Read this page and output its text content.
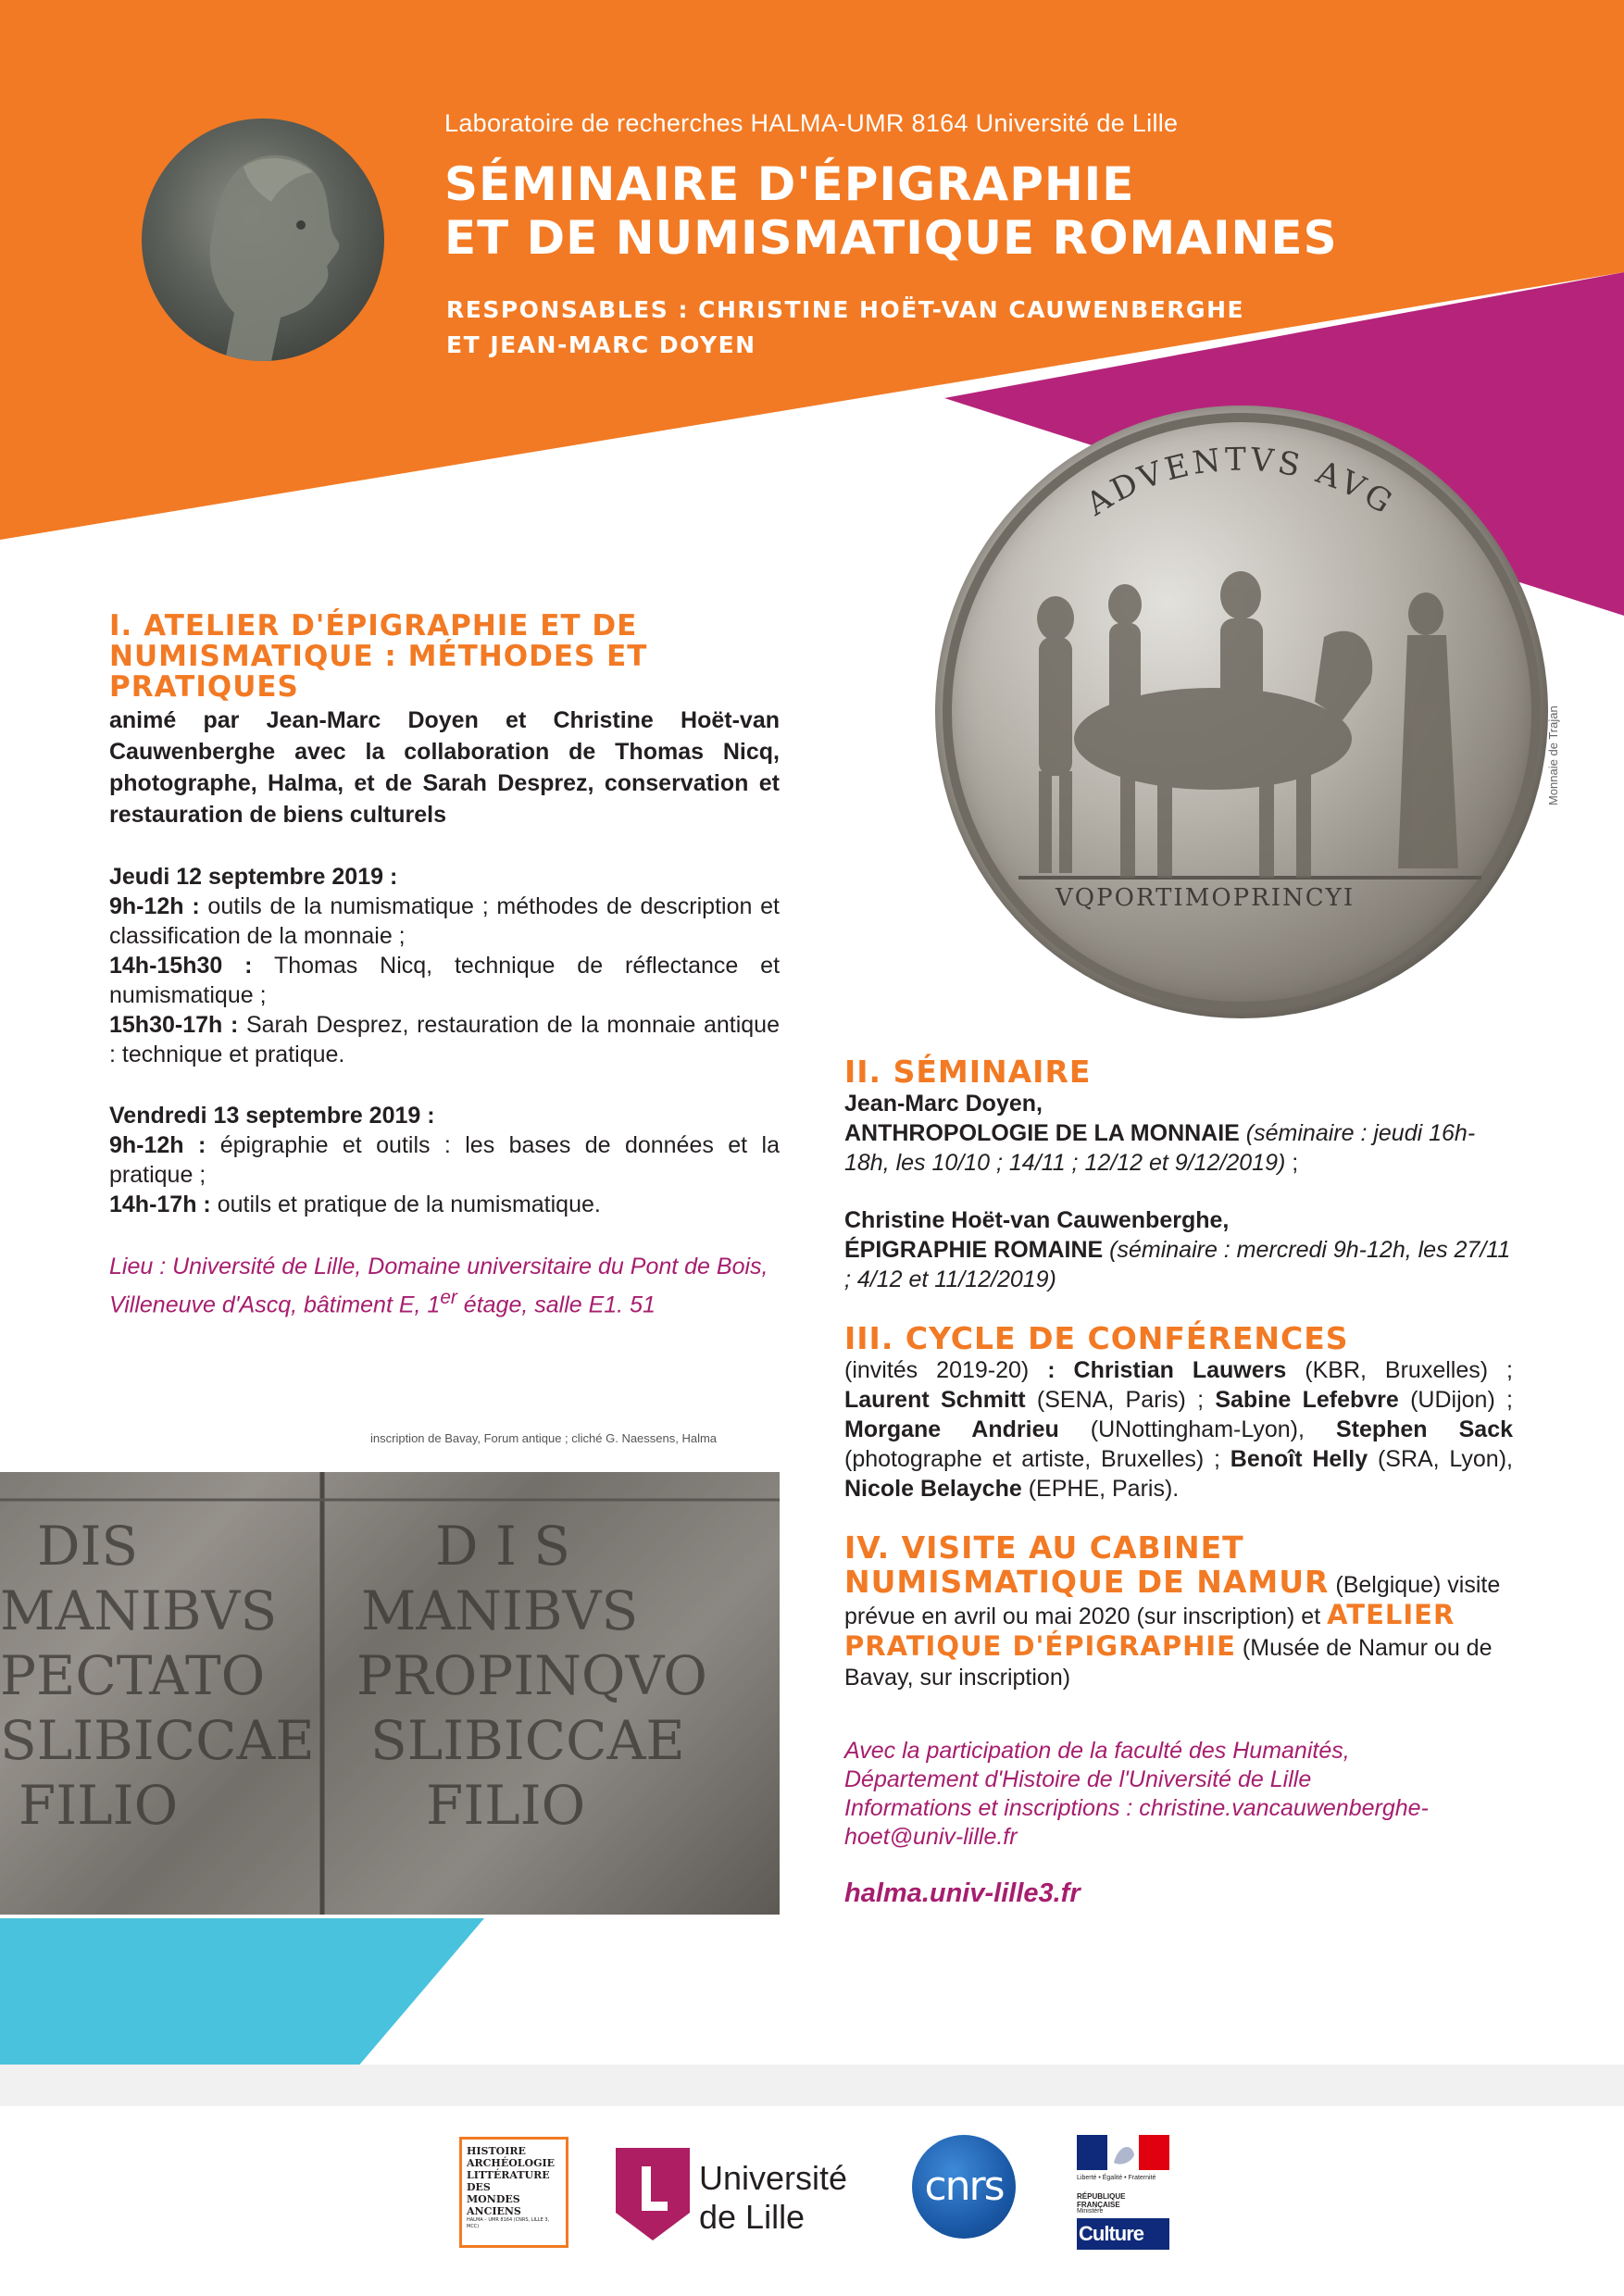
Laboratoire de recherches HALMA-UMR 8164 Université de Lille
SÉMINAIRE D'ÉPIGRAPHIE
ET DE NUMISMATIQUE ROMAINES
RESPONSABLES : CHRISTINE HOËT-VAN CAUWENBERGHE
ET JEAN-MARC DOYEN
ADVENTVS AVG
VQPORTIMOPRINCYI
Monnaie de Trajan
I. ATELIER D'ÉPIGRAPHIE ET DE NUMISMATIQUE : MÉTHODES ET PRATIQUES
animé par Jean-Marc Doyen et Christine Hoët-van Cauwenberghe avec la collaboration de Thomas Nicq, photographe, Halma, et de Sarah Desprez, conservation et restauration de biens culturels
Jeudi 12 septembre 2019 :
9h-12h : outils de la numismatique ; méthodes de description et classification de la monnaie ;
14h-15h30 : Thomas Nicq, technique de réflectance et numismatique ;
15h30-17h : Sarah Desprez, restauration de la monnaie antique : technique et pratique.
Vendredi 13 septembre 2019 :
9h-12h : épigraphie et outils : les bases de données et la pratique ;
14h-17h : outils et pratique de la numismatique.
Lieu : Université de Lille, Domaine universitaire du Pont de Bois, Villeneuve d'Ascq, bâtiment E, 1er étage, salle E1. 51
inscription de Bavay, Forum antique ; cliché G. Naessens, Halma
DIS
MANIBVS
PECTATO
SLIBICCAE
FILIO
D I S
MANIBVS
PROPINQVO
SLIBICCAE
FILIO
II. SÉMINAIRE
Jean-Marc Doyen,
ANTHROPOLOGIE DE LA MONNAIE (séminaire : jeudi 16h-18h, les 10/10 ; 14/11 ; 12/12 et 9/12/2019) ;
Christine Hoët-van Cauwenberghe,
ÉPIGRAPHIE ROMAINE (séminaire : mercredi 9h-12h, les 27/11 ; 4/12 et 11/12/2019)
III. CYCLE DE CONFÉRENCES
(invités 2019-20) : Christian Lauwers (KBR, Bruxelles) ; Laurent Schmitt (SENA, Paris) ; Sabine Lefebvre (UDijon) ; Morgane Andrieu (UNottingham-Lyon), Stephen Sack (photographe et artiste, Bruxelles) ; Benoît Helly (SRA, Lyon), Nicole Belayche (EPHE, Paris).
IV. VISITE AU CABINET NUMISMATIQUE DE NAMUR (Belgique) visite prévue en avril ou mai 2020 (sur inscription) et ATELIER PRATIQUE D'ÉPIGRAPHIE (Musée de Namur ou de Bavay, sur inscription)
Avec la participation de la faculté des Humanités,
Département d'Histoire de l'Université de Lille
Informations et inscriptions : christine.vancauwenberghe-hoet@univ-lille.fr
halma.univ-lille3.fr
HISTOIRE
ARCHÉOLOGIE
LITTÉRATURE
DES
MONDES
ANCIENS
HALMA – UMR 8164 (CNRS, LILLE 3, MCC)
Université
de Lille
cnrs	Liberté • Égalité • Fraternité
RÉPUBLIQUE FRANÇAISE
Ministère
Culture
